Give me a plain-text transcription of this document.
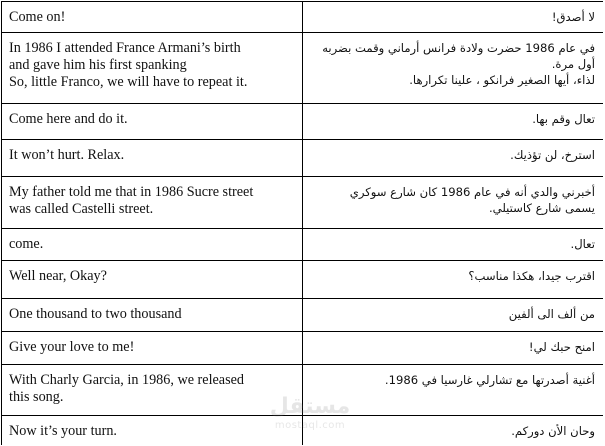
Come on!	لا أصدق!
In 1986 I attended France Armani’s birth
and gave him his first spanking
So, little Franco, we will have to repeat it.	في عام 1986 حضرت ولادة فرانس أرماني وقمت بضربه أول مرة.
لذاء، أيها الصغير فرانكو ، علينا تكرارها.
Come here and do it.	تعال وقم بها.
It won’t hurt. Relax.	استرخ، لن تؤذيك.
My father told me that in 1986 Sucre street
was called Castelli street.	أخبرني والدي أنه في عام 1986 كان شارع سوكري
يسمى شارع كاستيلي.
come.	تعال.
Well near, Okay?	اقترب جيدا، هكذا مناسب؟
One thousand to two thousand	من ألف الى ألفين
Give your love to me!	امنح حبك لي!
With Charly Garcia, in 1986, we released
this song.	أغنية أصدرتها مع تشارلي غارسيا في 1986.
Now it’s your turn.	وحان الأن دورکم.
مستقل
mostaql.com
